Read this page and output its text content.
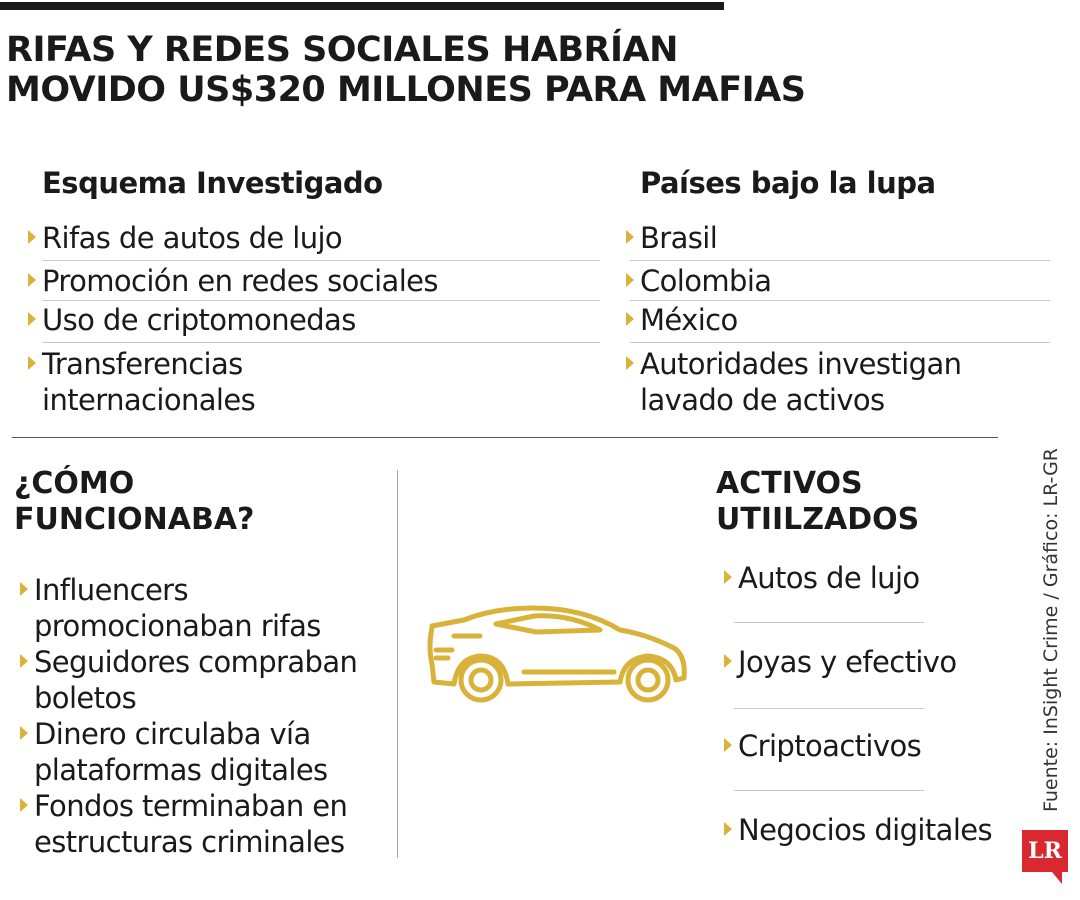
RIFAS Y REDES SOCIALES HABRÍAN
MOVIDO US$320 MILLONES PARA MAFIAS
Esquema Investigado
Rifas de autos de lujo
Promoción en redes sociales
Uso de criptomonedas
Transferencias
internacionales
Países bajo la lupa
Brasil
Colombia
México
Autoridades investigan
lavado de activos
¿CÓMO
FUNCIONABA?
Influencers
promocionaban rifas
Seguidores compraban
boletos
Dinero circulaba vía
plataformas digitales
Fondos terminaban en
estructuras criminales
ACTIVOS
UTIILZADOS
Autos de lujo
Joyas y efectivo
Criptoactivos
Negocios digitales
Fuente: InSight Crime / Gráfico: LR-GR
LR
